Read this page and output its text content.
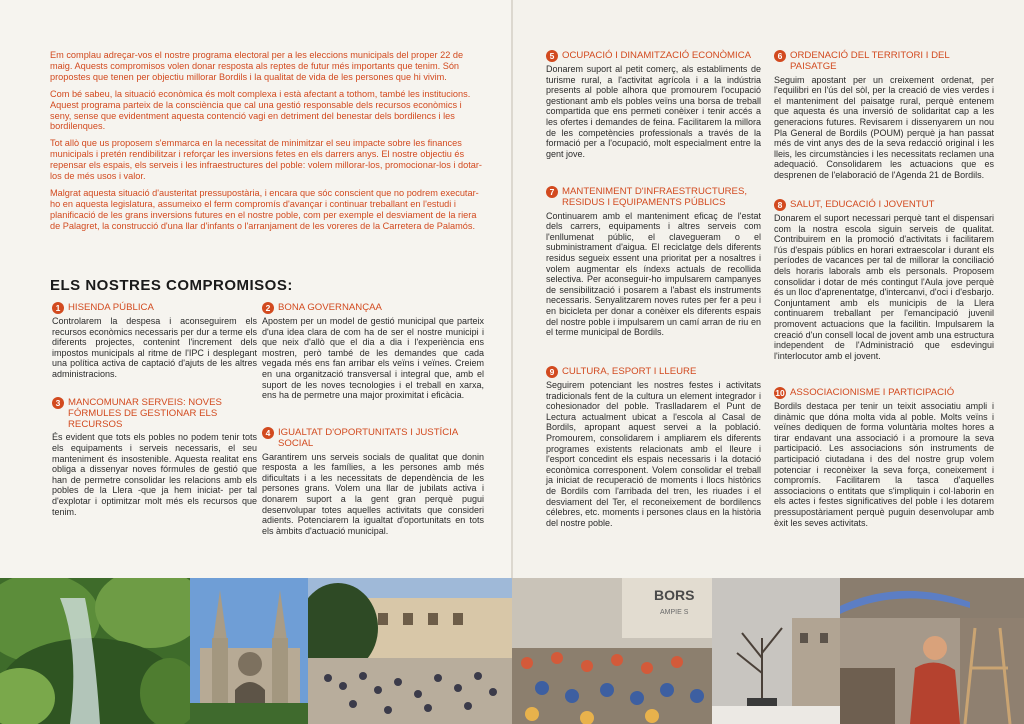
Em complau adreçar-vos el nostre programa electoral per a les eleccions municipals del proper 22 de maig. Aquests compromisos volen donar resposta als reptes de futur més importants que tenim. Són propostes que tenen per objectiu millorar Bordils i la qualitat de vida de les persones que hi vivim.

Com bé sabeu, la situació econòmica és molt complexa i està afectant a tothom, també les institucions. Aquest programa parteix de la consciència que cal una gestió responsable dels recursos econòmics i seny, sense que evidentment aquesta contenció vagi en detriment del benestar dels bordilencs i les bordilenques.

Tot allò que us proposem s'emmarca en la necessitat de minimitzar el seu impacte sobre les finances municipals i pretén rendibilitzar i reforçar les inversions fetes en els darrers anys. El nostre objectiu és repensar els espais, els serveis i les infraestructures del poble: volem millorar-los, promocionar-los i dotar-los de més usos i valor.

Malgrat aquesta situació d'austeritat pressupostària, i encara que sóc conscient que no podrem executar-ho en aquesta legislatura, assumeixo el ferm compromís d'avançar i continuar treballant en l'estudi i planificació de les grans inversions futures en el nostre poble, com per exemple el desviament de la riera de Palagret, la construcció d'una llar d'infants o l'arranjament de les voreres de la Carretera de Palamós.

ELS NOSTRES COMPROMISOS:
1 HISENDA PÚBLICA

Controlarem la despesa i aconseguirem els recursos econòmics necessaris per dur a terme els diferents projectes, contenint l'increment dels impostos municipals al ritme de l'IPC i desplegant una política activa de captació d'ajuts de les altres administracions.

2 BONA GOVERNANÇAA

Apostem per un model de gestió municipal que parteix d'una idea clara de com ha de ser el nostre municipi i que neix d'allò que el dia a dia i l'experiència ens mostren, però també de les demandes que cada vegada més ens fan arribar els veïns i veïnes. Creiem en una organització transversal i integral que, amb el suport de les noves tecnologies i el treball en xarxa, ens ha de permetre una major proximitat i eficàcia.

3 MANCOMUNAR SERVEIS: NOVES FÓRMULES DE GESTIONAR ELS RECURSOS

És evident que tots els pobles no podem tenir tots els equipaments i serveis necessaris, el seu manteniment és insostenible. Aquesta realitat ens obliga a dissenyar noves fórmules de gestió que han de permetre consolidar les relacions amb els pobles de la Llera -que ja hem iniciat- per tal d'explotar i optimitzar molt més els recursos que tenim.

4 IGUALTAT D'OPORTUNITATS I JUSTÍCIA SOCIAL

Garantirem uns serveis socials de qualitat que donin resposta a les famílies, a les persones amb més dificultats i a les necessitats de dependència de les persones grans. Volem una llar de jubilats activa i donarem suport a la gent gran perquè pugui desenvolupar totes aquelles activitats que consideri adients. Potenciarem la igualtat d'oportunitats en tots els àmbits d'actuació municipal.

5 OCUPACIÓ I DINAMITZACIÓ ECONÒMICA

Donarem suport al petit comerç, als establiments de turisme rural, a l'activitat agrícola i a la indústria presents al poble alhora que promourem l'ocupació gestionant amb els pobles veïns una borsa de treball compartida que ens permeti conèixer i tenir accés a les ofertes i demandes de feina. Facilitarem la millora de les competències professionals a través de la formació per a l'ocupació, molt especialment entre la gent jove.

6 ORDENACIÓ DEL TERRITORI I DEL PAISATGE

Seguim apostant per un creixement ordenat, per l'equilibri en l'ús del sòl, per la creació de vies verdes i el manteniment del paisatge rural, perquè entenem que aquesta és una inversió de solidaritat cap a les generacions futures. Revisarem i dissenyarem un nou Pla General de Bordils (POUM) perquè ja han passat més de vint anys des de la seva redacció original i les lleis, les circumstàncies i les necessitats reclamen una adequació. Consolidarem les actuacions que es desprenen de l'elaboració de l'Agenda 21 de Bordils.

7 MANTENIMENT D'INFRAESTRUCTURES, RESIDUS I EQUIPAMENTS PÚBLICS

Continuarem amb el manteniment eficaç de l'estat dels carrers, equipaments i altres serveis com l'enllumenat públic, el clavegueram o el subministrament d'aigua. El reciclatge dels diferents residus segueix essent una prioritat per a nosaltres i volem augmentar els índexs actuals de recollida selectiva. Per aconseguir-ho impulsarem campanyes de sensibilització i posarem a l'abast els instruments necessaris. Senyalitzarem noves rutes per fer a peu i en bicicleta per donar a conèixer els diferents espais del nostre poble i impulsarem un camí arran de riu en el terme municipal de Bordils.

8 SALUT, EDUCACIÓ I JOVENTUT

Donarem el suport necessari perquè tant el dispensari com la nostra escola siguin serveis de qualitat. Contribuirem en la promoció d'activitats i facilitarem l'ús d'espais públics en horari extraescolar i durant els períodes de vacances per tal de millorar la conciliació dels horaris laborals amb els personals. Proposem consolidar i dotar de més contingut l'Aula jove perquè és un lloc d'aprenentatge, d'intercanvi, d'oci i d'esbarjo. Conjuntament amb els municipis de la Llera continuarem treballant per l'emancipació juvenil promovent actuacions que la facilitin. Impulsarem la creació d'un consell local de jovent amb una estructura independent de l'Administració que esdevingui l'interlocutor amb el jovent.

9 CULTURA, ESPORT I LLEURE

Seguirem potenciant les nostres festes i activitats tradicionals fent de la cultura un element integrador i cohesionador del poble. Traslladarem el Punt de Lectura actualment ubicat a l'escola al Casal de Bordils, apropant aquest servei a la població. Promourem, consolidarem i ampliarem els diferents programes existents relacionats amb el lleure i l'esport concedint els espais necessaris i la dotació econòmica corresponent. Volem consolidar el treball ja iniciat de recuperació de moments i llocs històrics de Bordils com l'arribada del tren, les riuades i el desviament del Ter, el reconeixement de bordilencs célebres, etc. moments i persones claus en la història del nostre poble.

10 ASSOCIACIONISME I PARTICIPACIÓ

Bordils destaca per tenir un teixit associatiu ampli i dinàmic que dóna molta vida al poble. Molts veïns i veïnes dediquen de forma voluntària moltes hores a tirar endavant una associació i a promoure la seva participació. Les associacions són instruments de participació ciutadana i des del nostre grup volem potenciar i reconèixer la seva força, coneixement i compromís. Facilitarem la tasca d'aquelles associacions o entitats que s'impliquin i col·laborin en els actes i festes significatives del poble i les dotarem pressupostàriament perquè puguin desenvolupar amb èxit les seves activitats.

BORS
AMPIE S
